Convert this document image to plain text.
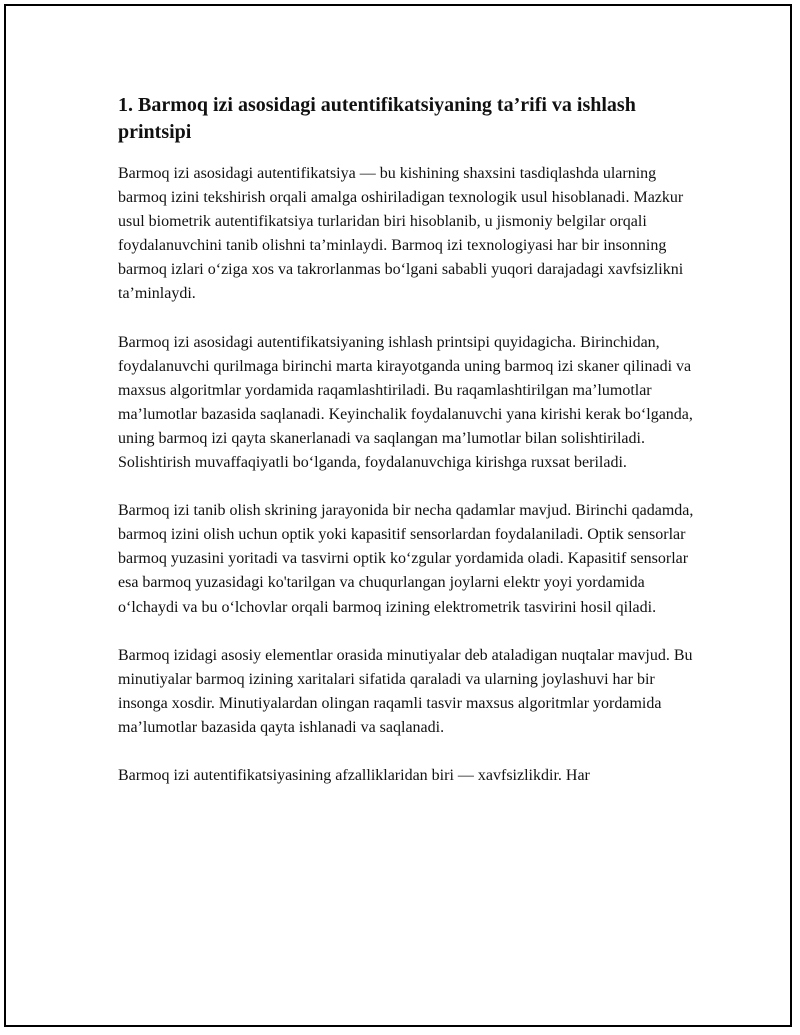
1. Barmoq izi asosidagi autentifikatsiyaning ta’rifi va ishlash printsipi

Barmoq izi asosidagi autentifikatsiya — bu kishining shaxsini tasdiqlashda ularning barmoq izini tekshirish orqali amalga oshiriladigan texnologik usul hisoblanadi. Mazkur usul biometrik autentifikatsiya turlaridan biri hisoblanib, u jismoniy belgilar orqali foydalanuvchini tanib olishni ta’minlaydi. Barmoq izi texnologiyasi har bir insonning barmoq izlari o‘ziga xos va takrorlanmas bo‘lgani sababli yuqori darajadagi xavfsizlikni ta’minlaydi.

Barmoq izi asosidagi autentifikatsiyaning ishlash printsipi quyidagicha. Birinchidan, foydalanuvchi qurilmaga birinchi marta kirayotganda uning barmoq izi skaner qilinadi va maxsus algoritmlar yordamida raqamlashtiriladi. Bu raqamlashtirilgan ma’lumotlar ma’lumotlar bazasida saqlanadi. Keyinchalik foydalanuvchi yana kirishi kerak bo‘lganda, uning barmoq izi qayta skanerlanadi va saqlangan ma’lumotlar bilan solishtiriladi. Solishtirish muvaffaqiyatli bo‘lganda, foydalanuvchiga kirishga ruxsat beriladi.

Barmoq izi tanib olish skrining jarayonida bir necha qadamlar mavjud. Birinchi qadamda, barmoq izini olish uchun optik yoki kapasitif sensorlardan foydalaniladi. Optik sensorlar barmoq yuzasini yoritadi va tasvirni optik ko‘zgular yordamida oladi. Kapasitif sensorlar esa barmoq yuzasidagi ko'tarilgan va chuqurlangan joylarni elektr yoyi yordamida o‘lchaydi va bu o‘lchovlar orqali barmoq izining elektrometrik tasvirini hosil qiladi.

Barmoq izidagi asosiy elementlar orasida minutiyalar deb ataladigan nuqtalar mavjud. Bu minutiyalar barmoq izining xaritalari sifatida qaraladi va ularning joylashuvi har bir insonga xosdir. Minutiyalardan olingan raqamli tasvir maxsus algoritmlar yordamida ma’lumotlar bazasida qayta ishlanadi va saqlanadi.

Barmoq izi autentifikatsiyasining afzalliklaridan biri — xavfsizlikdir. Har
